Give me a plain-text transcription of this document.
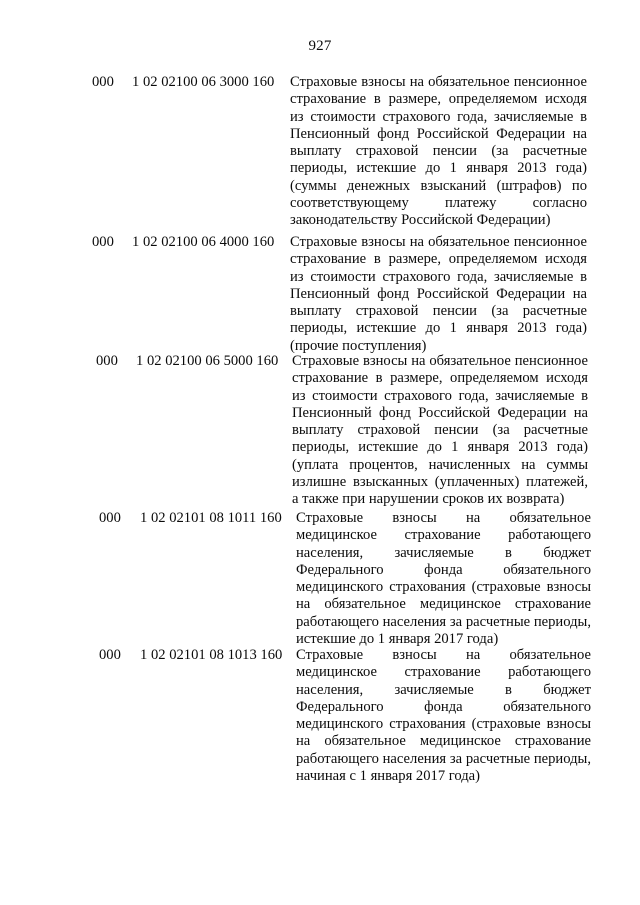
927
000	1 02 02100 06 3000 160	Страховые взносы на обязательное пенсионное страхование в размере, определяемом исходя из стоимости страхового года, зачисляемые в Пенсионный фонд Российской Федерации на выплату страховой пенсии (за расчетные периоды, истекшие до 1 января 2013 года) (суммы денежных взысканий (штрафов) по соответствующему платежу согласно законодательству Российской Федерации)
000	1 02 02100 06 4000 160	Страховые взносы на обязательное пенсионное страхование в размере, определяемом исходя из стоимости страхового года, зачисляемые в Пенсионный фонд Российской Федерации на выплату страховой пенсии (за расчетные периоды, истекшие до 1 января 2013 года) (прочие поступления)
000	1 02 02100 06 5000 160 Страховые взносы на обязательное пенсионное страхование в размере, определяемом исходя из стоимости страхового года, зачисляемые в Пенсионный фонд Российской Федерации на выплату страховой пенсии (за расчетные периоды, истекшие до 1 января 2013 года) (уплата процентов, начисленных на суммы излишне взысканных (уплаченных) платежей, а также при нарушении сроков их возврата)
000	1 02 02101 08 1011 160 Страховые взносы на обязательное медицинское страхование работающего населения, зачисляемые в бюджет Федерального фонда обязательного медицинского страхования (страховые взносы на обязательное медицинское страхование работающего населения за расчетные периоды, истекшие до 1 января 2017 года)
000	1 02 02101 08 1013 160 Страховые взносы на обязательное медицинское страхование работающего населения, зачисляемые в бюджет Федерального фонда обязательного медицинского страхования (страховые взносы на обязательное медицинское страхование работающего населения за расчетные периоды, начиная с 1 января 2017 года)
